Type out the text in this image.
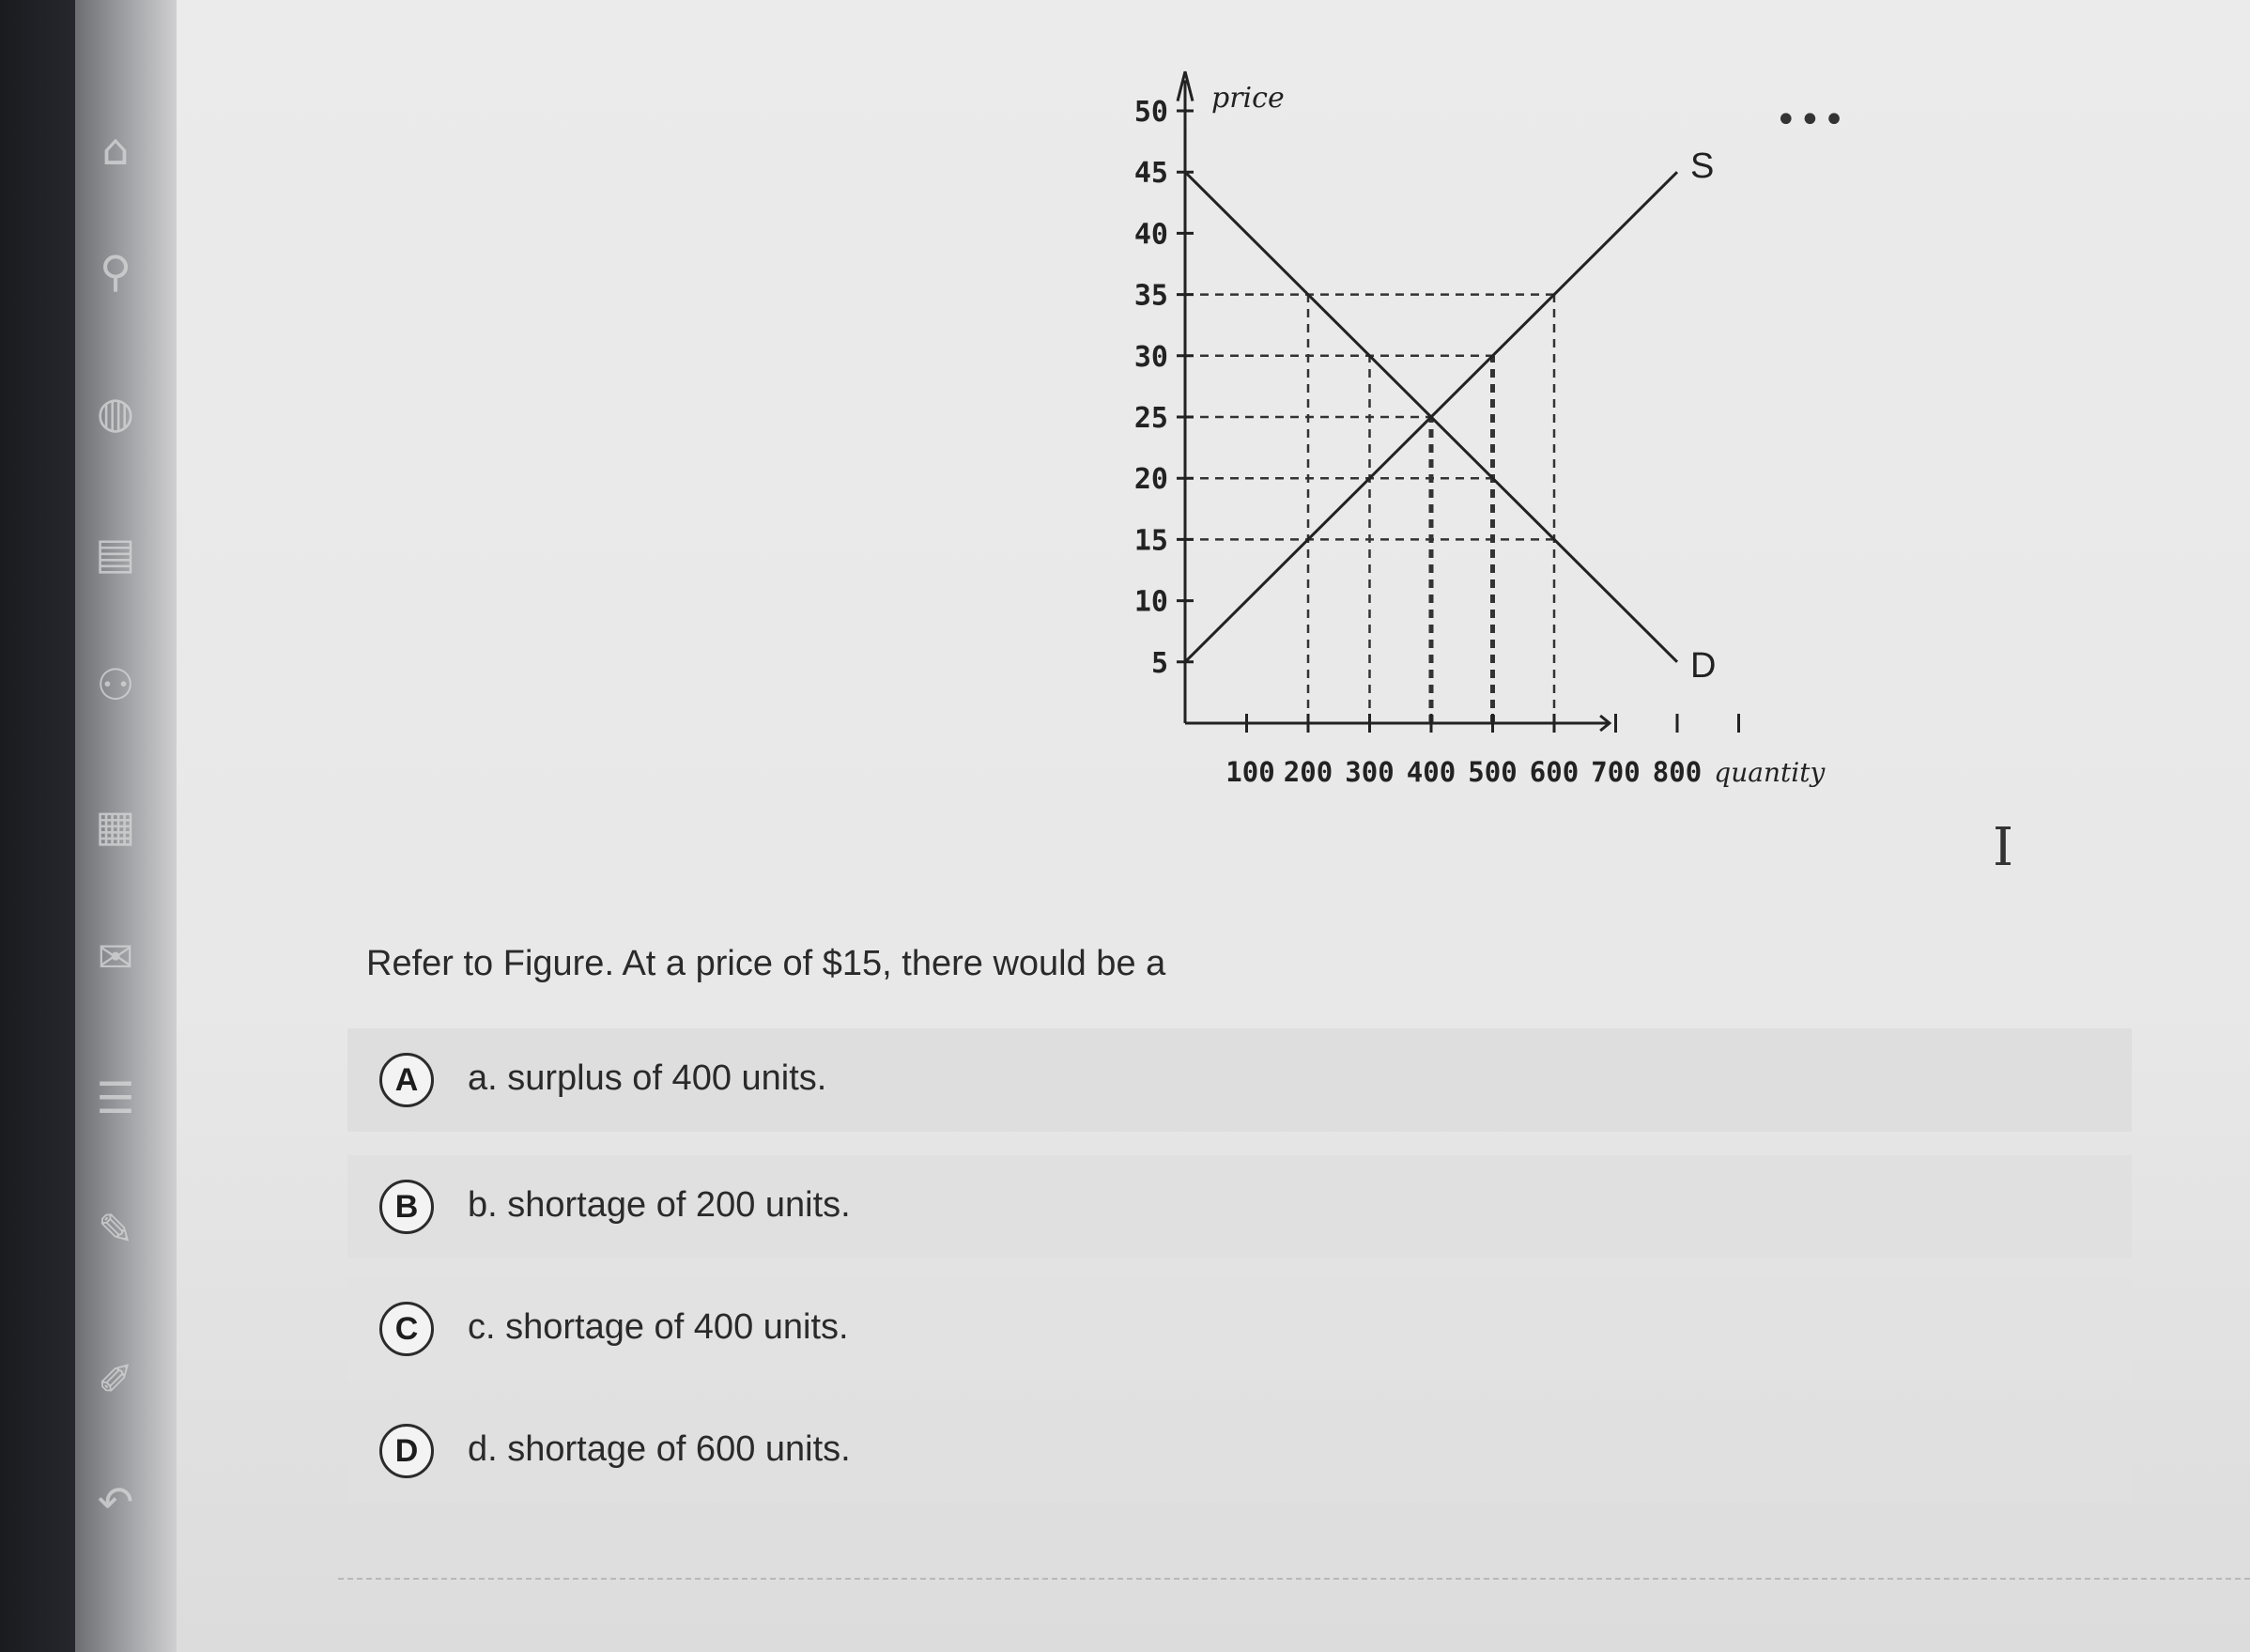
⌂
⚲
◍
▤
⚇
▦
✉
☰
✎
✐
↶
S
D
5
10
15
20
25
30
35
40
45
50
100 200 300 400 500 600 700 800
price
quantity
•••
Ι
Refer to Figure. At a price of $15, there would be a
A	a. surplus of 400 units.
B	b. shortage of 200 units.
C	c. shortage of 400 units.
D	d. shortage of 600 units.
